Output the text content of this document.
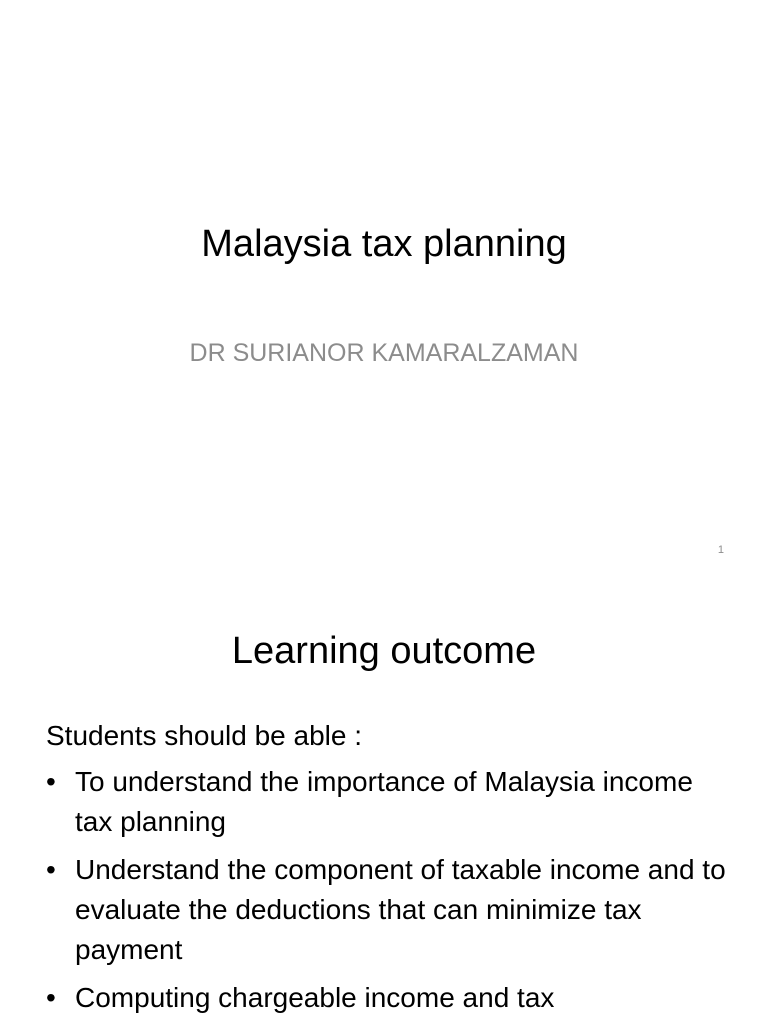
Malaysia tax planning
DR SURIANOR KAMARALZAMAN
1
Learning outcome

Students should be able :

• To understand the importance of Malaysia income tax planning
• Understand the component of taxable income and to evaluate the deductions that can minimize tax payment
• Computing chargeable income and tax
